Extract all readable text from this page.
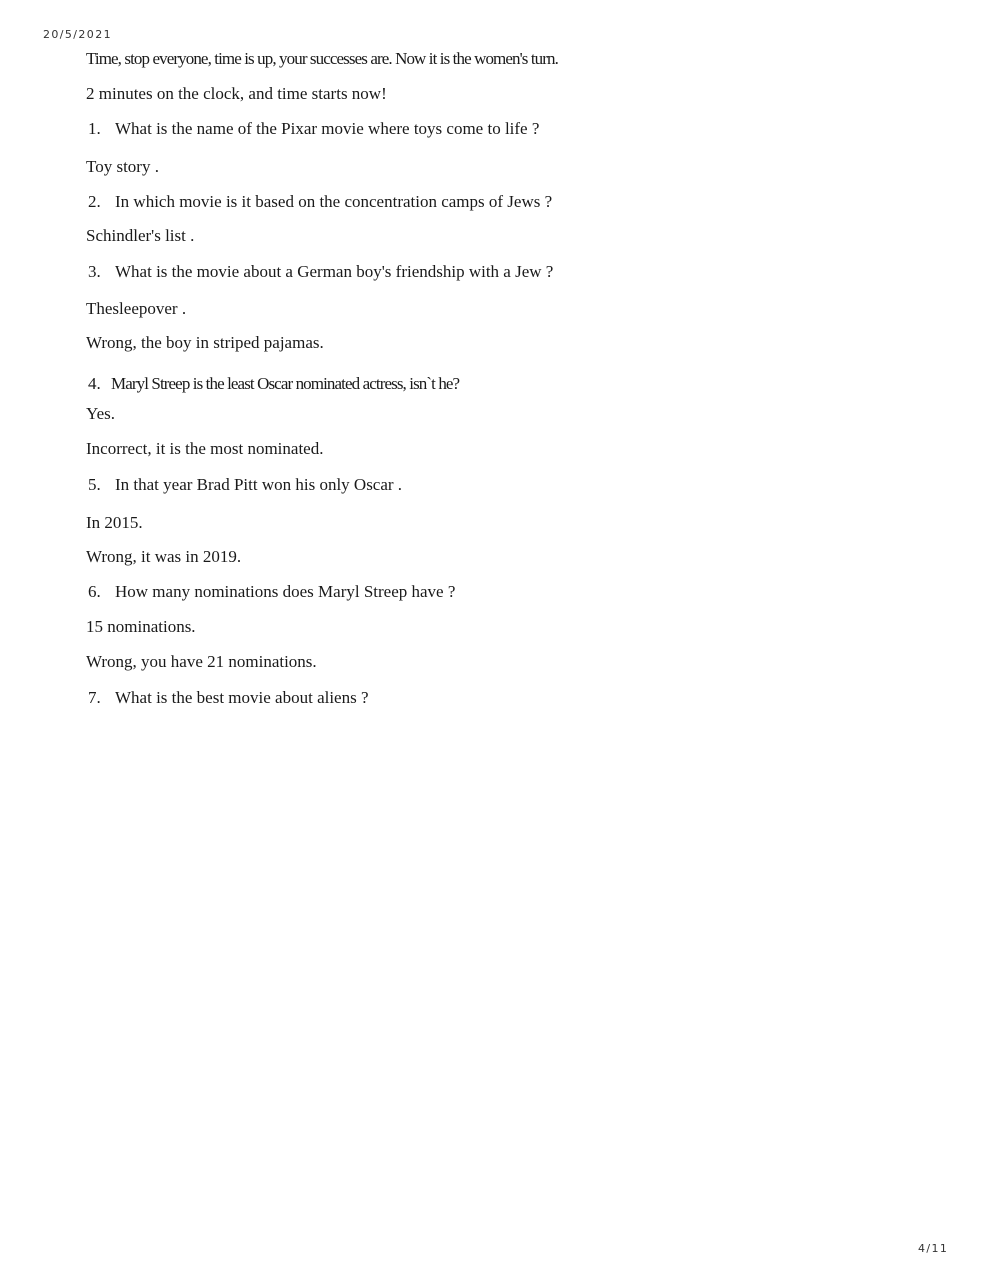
20/5/2021
Time, stop everyone, time is up, your successes are. Now it is the women's turn.
2 minutes on the clock, and time starts now!
1. What is the name of the Pixar movie where toys come to life ?
Toy story .
2. In which movie is it based on the concentration camps of Jews ?
Schindler's list .
3. What is the movie about a German boy's friendship with a Jew ?
Thesleepover .
Wrong, the boy in striped pajamas.
4. Maryl Streep is the least Oscar nominated actress, isn`t he?
Yes.
Incorrect, it is the most nominated.
5. In that year Brad Pitt won his only Oscar .
In 2015.
Wrong, it was in 2019.
6. How many nominations does Maryl Streep have ?
15 nominations.
Wrong, you have 21 nominations.
7. What is the best movie about aliens ?
4/11
